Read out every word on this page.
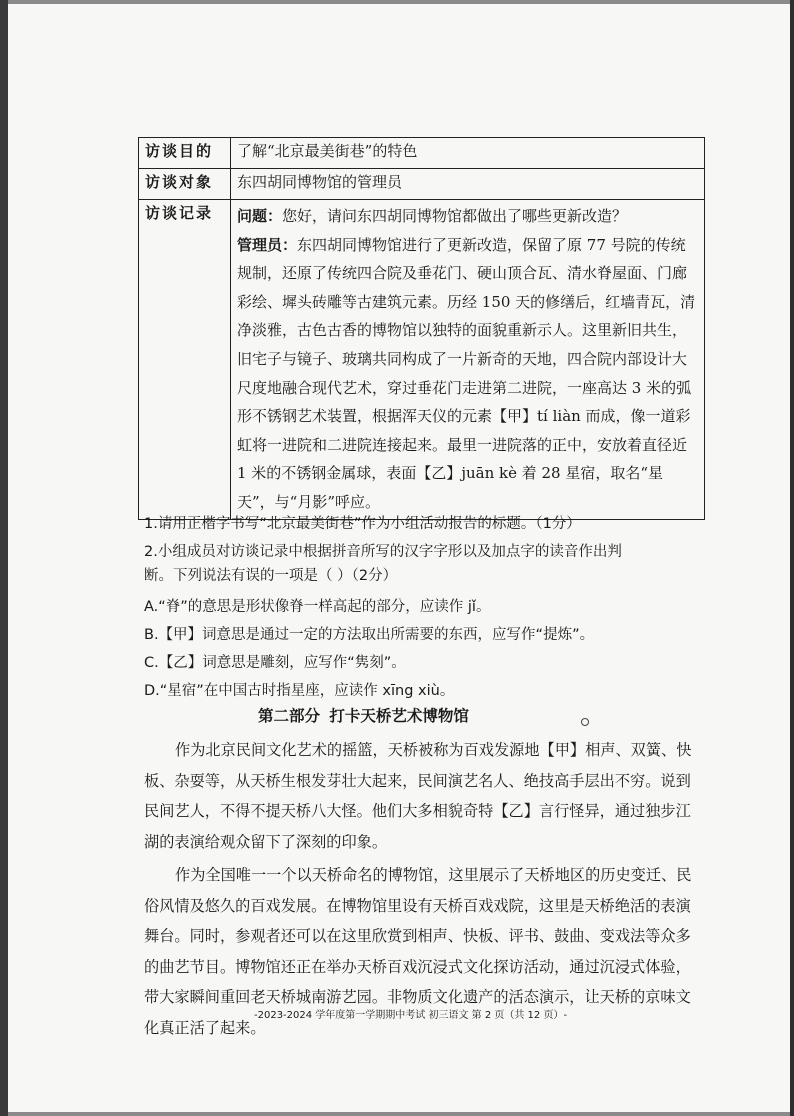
访谈目的	了解“北京最美街巷”的特色
访谈对象	东四胡同博物馆的管理员
访谈记录	问题：您好，请问东四胡同博物馆都做出了哪些更新改造？
管理员：东四胡同博物馆进行了更新改造，保留了原 77 号院的传统规制，还原了传统四合院及垂花门、硬山顶合瓦、清水脊屋面、门廊彩绘、墀头砖雕等古建筑元素。历经 150 天的修缮后，红墙青瓦，清净淡雅，古色古香的博物馆以独特的面貌重新示人。这里新旧共生，旧宅子与镜子、玻璃共同构成了一片新奇的天地，四合院内部设计大尺度地融合现代艺术，穿过垂花门走进第二进院，一座高达 3 米的弧形不锈钢艺术装置，根据浑天仪的元素【甲】tí liàn 而成，像一道彩虹将一进院和二进院连接起来。最里一进院落的正中，安放着直径近 1 米的不锈钢金属球，表面【乙】juān kè 着 28 星宿，取名“星天”，与“月影”呼应。
1.请用正楷字书写“北京最美街巷”作为小组活动报告的标题。（1分）
2.小组成员对访谈记录中根据拼音所写的汉字字形以及加点字的读音作出判
断。下列说法有误的一项是（ ）（2分）
A.“脊”的意思是形状像脊一样高起的部分，应读作 jǐ。
B.【甲】词意思是通过一定的方法取出所需要的东西，应写作“提炼”。
C.【乙】词意思是雕刻，应写作“隽刻”。
D.“星宿”在中国古时指星座，应读作 xīng xiù。
第二部分 打卡天桥艺术博物馆
作为北京民间文化艺术的摇篮，天桥被称为百戏发源地【甲】相声、双簧、快板、杂耍等，从天桥生根发芽壮大起来，民间演艺名人、绝技高手层出不穷。说到民间艺人，不得不提天桥八大怪。他们大多相貌奇特【乙】言行怪异，通过独步江湖的表演给观众留下了深刻的印象。
作为全国唯一一个以天桥命名的博物馆，这里展示了天桥地区的历史变迁、民俗风情及悠久的百戏发展。在博物馆里设有天桥百戏戏院，这里是天桥绝活的表演舞台。同时，参观者还可以在这里欣赏到相声、快板、评书、鼓曲、变戏法等众多的曲艺节目。博物馆还正在举办天桥百戏沉浸式文化探访活动，通过沉浸式体验，带大家瞬间重回老天桥城南游艺园。非物质文化遗产的活态演示，让天桥的京味文化真正活了起来。
-2023-2024 学年度第一学期期中考试 初三语文 第 2 页（共 12 页）-
